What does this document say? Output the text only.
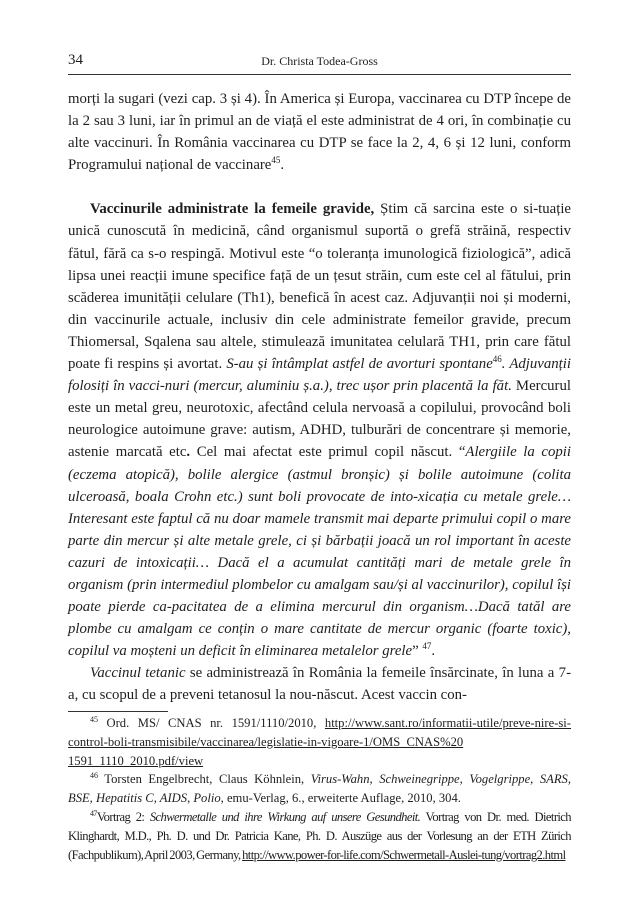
34	Dr. Christa Todea-Gross

morți la sugari (vezi cap. 3 și 4). În America și Europa, vaccinarea cu DTP începe de la 2 sau 3 luni, iar în primul an de viață el este administrat de 4 ori, în combinație cu alte vaccinuri. În România vaccinarea cu DTP se face la 2, 4, 6 și 12 luni, conform Programului național de vaccinare$^{45}$.

Vaccinurile administrate la femeile gravide, Știm că sarcina este o si-tuație unică cunoscută în medicină, când organismul suportă o grefă străină, respectiv fătul, fără ca s-o respingă. Motivul este “o toleranța imunologică fiziologică”, adică lipsa unei reacții imune specifice față de un țesut străin, cum este cel al fătului, prin scăderea imunității celulare (Th1), benefică în acest caz. Adjuvanții noi și moderni, din vaccinurile actuale, inclusiv din cele administrate femeilor gravide, precum Thiomersal, Sqalena sau altele, stimulează imunitatea celulară TH1, prin care fătul poate fi respins și avortat. S-au și întâmplat astfel de avorturi spontane$^{46}$. Adjuvanții folosiți în vacci-nuri (mercur, aluminiu ș.a.), trec ușor prin placentă la făt. Mercurul este un metal greu, neurotoxic, afectând celula nervoasă a copilului, provocând boli neurologice autoimune grave: autism, ADHD, tulburări de concentrare și memorie, astenie marcată etc. Cel mai afectat este primul copil născut. “Alergiile la copii (eczema atopică), bolile alergice (astmul bronșic) și bolile autoimune (colita ulceroasă, boala Crohn etc.) sunt boli provocate de into-xicația cu metale grele…Interesant este faptul că nu doar mamele transmit mai departe primului copil o mare parte din mercur și alte metale grele, ci și bărbații joacă un rol important în aceste cazuri de intoxicații… Dacă el a acumulat cantități mari de metale grele în organism (prin intermediul plombelor cu amalgam sau/și al vaccinurilor), copilul își poate pierde ca-pacitatea de a elimina mercurul din organism…Dacă tatăl are plombe cu amalgam ce conțin o mare cantitate de mercur organic (foarte toxic), copilul va moșteni un deficit în eliminarea metalelor grele” $^{47}$.

Vaccinul tetanic se administrează în România la femeile însărcinate, în luna a 7-a, cu scopul de a preveni tetanosul la nou-născut. Acest vaccin con-

$^{45}$ Ord. MS/ CNAS nr. 1591/1110/2010, http://www.sant.ro/informatii-utile/preve-nire-si-control-boli-transmisibile/vaccinarea/legislatie-in-vigoare-1/OMS_CNAS%20 1591_1110_2010.pdf/view

$^{46}$ Torsten Engelbrecht, Claus Köhnlein, Virus-Wahn, Schweinegrippe, Vogelgrippe, SARS, BSE, Hepatitis C, AIDS, Polio, emu-Verlag, 6., erweiterte Auflage, 2010, 304.

$^{47}$Vortrag 2: Schwermetalle und ihre Wirkung auf unsere Gesundheit. Vortrag von Dr. med. Dietrich Klinghardt, M.D., Ph. D. und Dr. Patricia Kane, Ph. D. Auszüge aus der Vorlesung an der ETH Zürich (Fachpublikum), April 2003, Germany, http://www.power-for-life.com/Schwermetall-Auslei-tung/vortrag2.html
